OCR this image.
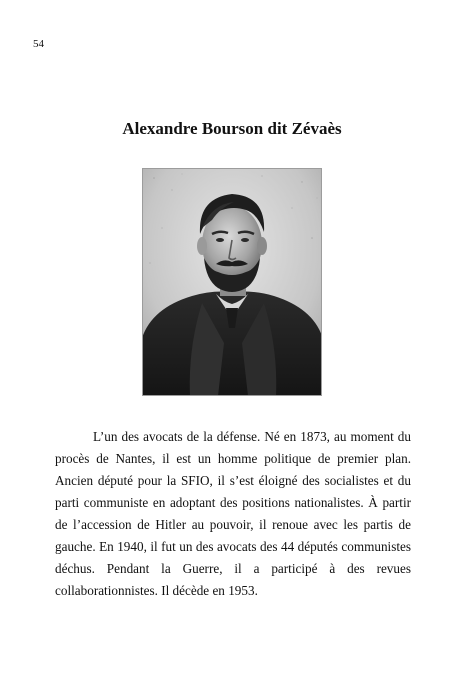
54
Alexandre Bourson dit Zévaès

L’un des avocats de la défense. Né en 1873, au moment du procès de Nantes, il est un homme politique de premier plan. Ancien député pour la SFIO, il s’est éloigné des socialistes et du parti communiste en adoptant des positions nationalistes. À partir de l’accession de Hitler au pouvoir, il renoue avec les partis de gauche. En 1940, il fut un des avocats des 44 députés communistes déchus. Pendant la Guerre, il a participé à des revues collaborationnistes. Il décède en 1953.
